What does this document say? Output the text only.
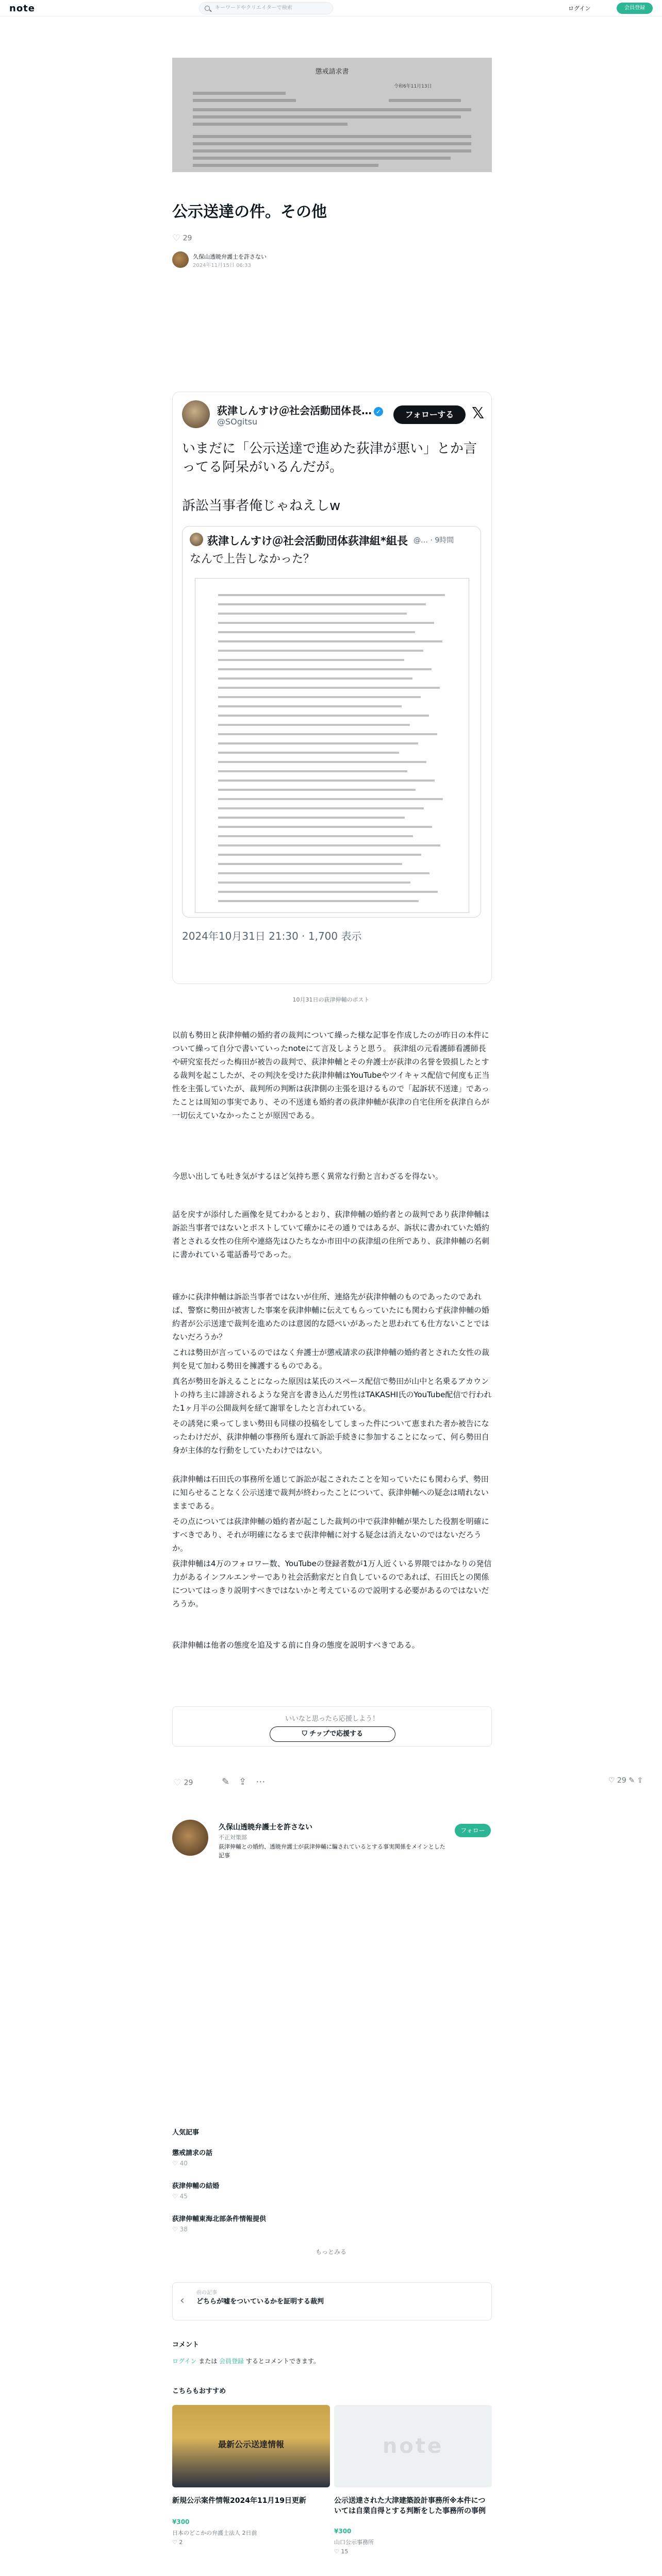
note	キーワードやクリエイターで検索	ログイン	会員登録
懲戒請求書
令和6年11月13日
公示送達の件。その他
♡ 29
久保山透暁弁護士を許さない
2024年11月15日 06:33
荻津しんすけ＠社会活動団体長… ✓
@SOgitsu
フォローする	𝕏
いまだに「公示送達で進めた荻津が悪い」とか言ってる阿呆がいるんだが。
訴訟当事者俺じゃねえしw
荻津しんすけ＠社会活動団体荻津組*組長 @… · 9時間
なんで上告しなかった？
2024年10月31日 21:30 · 1,700 表示
10月31日の荻津伸輔のポスト
以前も勢田と荻津伸輔の婚約者の裁判について繰った様な記事を作成したのが昨日の本件について繰って自分で書いていったnoteにて言及しようと思う。 荻津組の元看護師看護師長や研究室長だった梅田が被告の裁判で、荻津伸輔とその弁護士が荻津の名誉を毀損したとする裁判を起こしたが、その判決を受けた荻津伸輔はYouTubeやツイキャス配信で何度も正当性を主張していたが、裁判所の判断は荻津側の主張を退けるもので「起訴状不送達」であったことは周知の事実であり、その不送達も婚約者の荻津伸輔が荻津の自宅住所を荻津自らが一切伝えていなかったことが原因である。
今思い出しても吐き気がするほど気持ち悪く異常な行動と言わざるを得ない。
話を戻すが添付した画像を見てわかるとおり、荻津伸輔の婚約者との裁判であり荻津伸輔は訴訟当事者ではないとポストしていて確かにその通りではあるが、訴状に書かれていた婚約者とされる女性の住所や連絡先はひたちなか市田中の荻津組の住所であり、荻津伸輔の名刺に書かれている電話番号であった。
確かに荻津伸輔は訴訟当事者ではないが住所、連絡先が荻津伸輔のものであったのであれば、警察に勢田が被害した事案を荻津伸輔に伝えてもらっていたにも関わらず荻津伸輔の婚約者が公示送達で裁判を進めたのは意図的な隠ぺいがあったと思われても仕方ないことではないだろうか？
これは勢田が言っているのではなく弁護士が懲戒請求の荻津伸輔の婚約者とされた女性の裁判を見て加わる勢田を擁護するものである。
真名が勢田を訴えることになった原因は某氏のスペース配信で勢田が山中と名乗るアカウントの持ち主に誹謗されるような発言を書き込んだ男性はTAKASHI氏のYouTube配信で行われた1ヶ月半の公開裁判を経て謝罪をしたと言われている。
その誘発に乗ってしまい勢田も同様の投稿をしてしまった件について恵まれた者か被告になったわけだが、荻津伸輔の事務所も遅れて訴訟手続きに参加することになって、何ら勢田自身が主体的な行動をしていたわけではない。
荻津伸輔は石田氏の事務所を通じて訴訟が起こされたことを知っていたにも関わらず、勢田に知らせることなく公示送達で裁判が終わったことについて、荻津伸輔への疑念は晴れないままである。
その点については荻津伸輔の婚約者が起こした裁判の中で荻津伸輔が果たした役割を明確にすべきであり、それが明確になるまで荻津伸輔に対する疑念は消えないのではないだろうか。
荻津伸輔は4万のフォロワー数、YouTubeの登録者数が1万人近くいる界隈ではかなりの発信力があるインフルエンサーであり社会活動家だと自負しているのであれば、石田氏との関係についてはっきり説明すべきではないかと考えているので説明する必要があるのではないだろうか。
荻津伸輔は他者の態度を追及する前に自身の態度を説明すべきである。
いいなと思ったら応援しよう！
⛉ チップで応援する
♡ 29	✎⇪⋯	♡ 29 ✎ ⇪
久保山透暁弁護士を許さない
不正対策部
荻津伸輔との婚約、透暁弁護士が荻津伸輔に騙されているとする事実関係をメインとした記事
フォロー
人気記事
懲戒請求の話
♡ 40
荻津伸輔の結婚
♡ 45
荻津伸輔東海北部条件情報提供
♡ 38
もっとみる
‹
前の記事
どちらが嘘をついているかを証明する裁判
コメント
ログイン または 会員登録 するとコメントできます。
こちらもおすすめ
最新公示送達情報
新規公示案件情報2024年11月19日更新
¥300
日本のどこかの弁護士法人 2日前
♡ 2
note
公示送達された大津建築設計事務所※本件については自業自得とする判断をした事務所の事例
¥300
山口公示事務所
♡ 15
